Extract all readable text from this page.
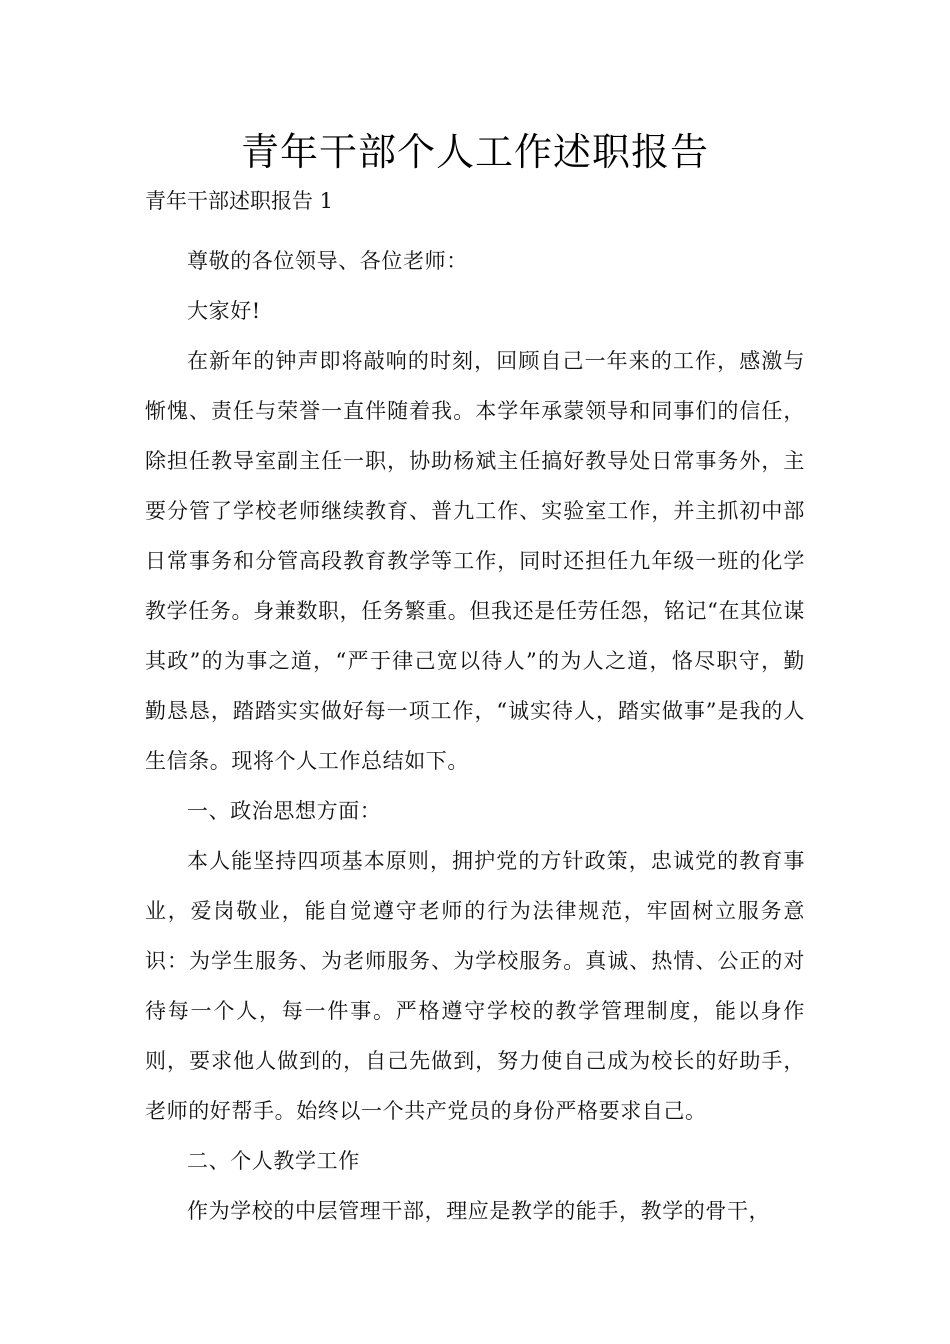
青年干部个人工作述职报告

青年干部述职报告 1

尊敬的各位领导、各位老师：

大家好!

在新年的钟声即将敲响的时刻，回顾自己一年来的工作，感激与惭愧、责任与荣誉一直伴随着我。本学年承蒙领导和同事们的信任，除担任教导室副主任一职，协助杨斌主任搞好教导处日常事务外，主要分管了学校老师继续教育、普九工作、实验室工作，并主抓初中部日常事务和分管高段教育教学等工作，同时还担任九年级一班的化学教学任务。身兼数职，任务繁重。但我还是任劳任怨，铭记“在其位谋其政”的为事之道，“严于律己宽以待人”的为人之道，恪尽职守，勤勤恳恳，踏踏实实做好每一项工作，“诚实待人，踏实做事”是我的人生信条。现将个人工作总结如下。

一、政治思想方面：

本人能坚持四项基本原则，拥护党的方针政策，忠诚党的教育事业，爱岗敬业，能自觉遵守老师的行为法律规范，牢固树立服务意识：为学生服务、为老师服务、为学校服务。真诚、热情、公正的对待每一个人，每一件事。严格遵守学校的教学管理制度，能以身作则，要求他人做到的，自己先做到，努力使自己成为校长的好助手，老师的好帮手。始终以一个共产党员的身份严格要求自己。

二、个人教学工作

作为学校的中层管理干部，理应是教学的能手，教学的骨干，
